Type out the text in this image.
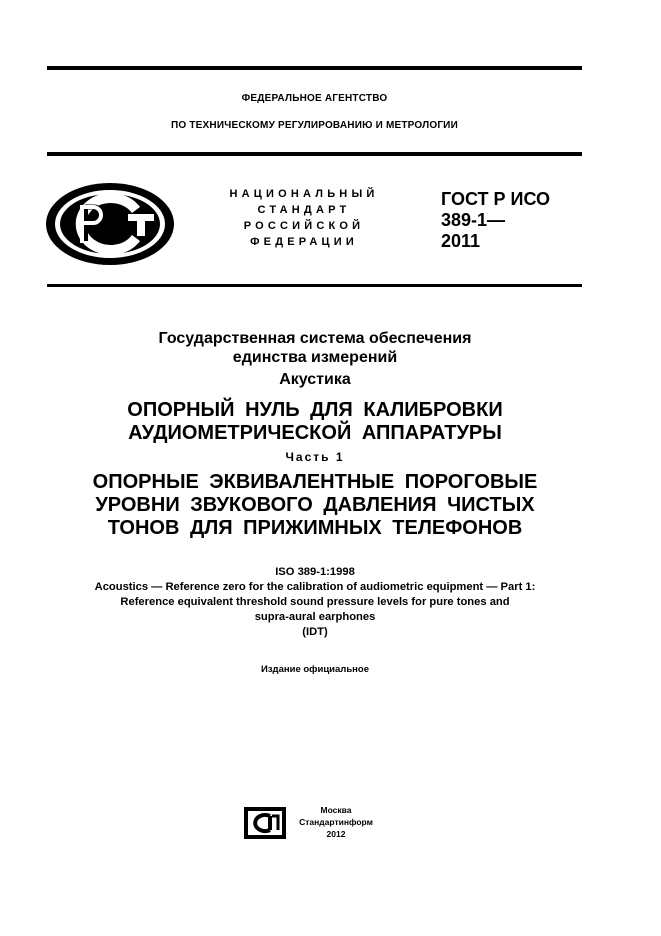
ФЕДЕРАЛЬНОЕ АГЕНТСТВО
ПО ТЕХНИЧЕСКОМУ РЕГУЛИРОВАНИЮ И МЕТРОЛОГИИ
НАЦИОНАЛЬНЫЙ
СТАНДАРТ
РОССИЙСКОЙ
ФЕДЕРАЦИИ
ГОСТ Р ИСО
389-1—
2011
Государственная система обеспечения
единства измерений
Акустика
ОПОРНЫЙ НУЛЬ ДЛЯ КАЛИБРОВКИ
АУДИОМЕТРИЧЕСКОЙ АППАРАТУРЫ
Часть 1
ОПОРНЫЕ ЭКВИВАЛЕНТНЫЕ ПОРОГОВЫЕ
УРОВНИ ЗВУКОВОГО ДАВЛЕНИЯ ЧИСТЫХ
ТОНОВ ДЛЯ ПРИЖИМНЫХ ТЕЛЕФОНОВ
ISO 389-1:1998
Acoustics — Reference zero for the calibration of audiometric equipment — Part 1:
Reference equivalent threshold sound pressure levels for pure tones and
supra-aural earphones
(IDT)
Издание официальное
Москва
Стандартинформ
2012
